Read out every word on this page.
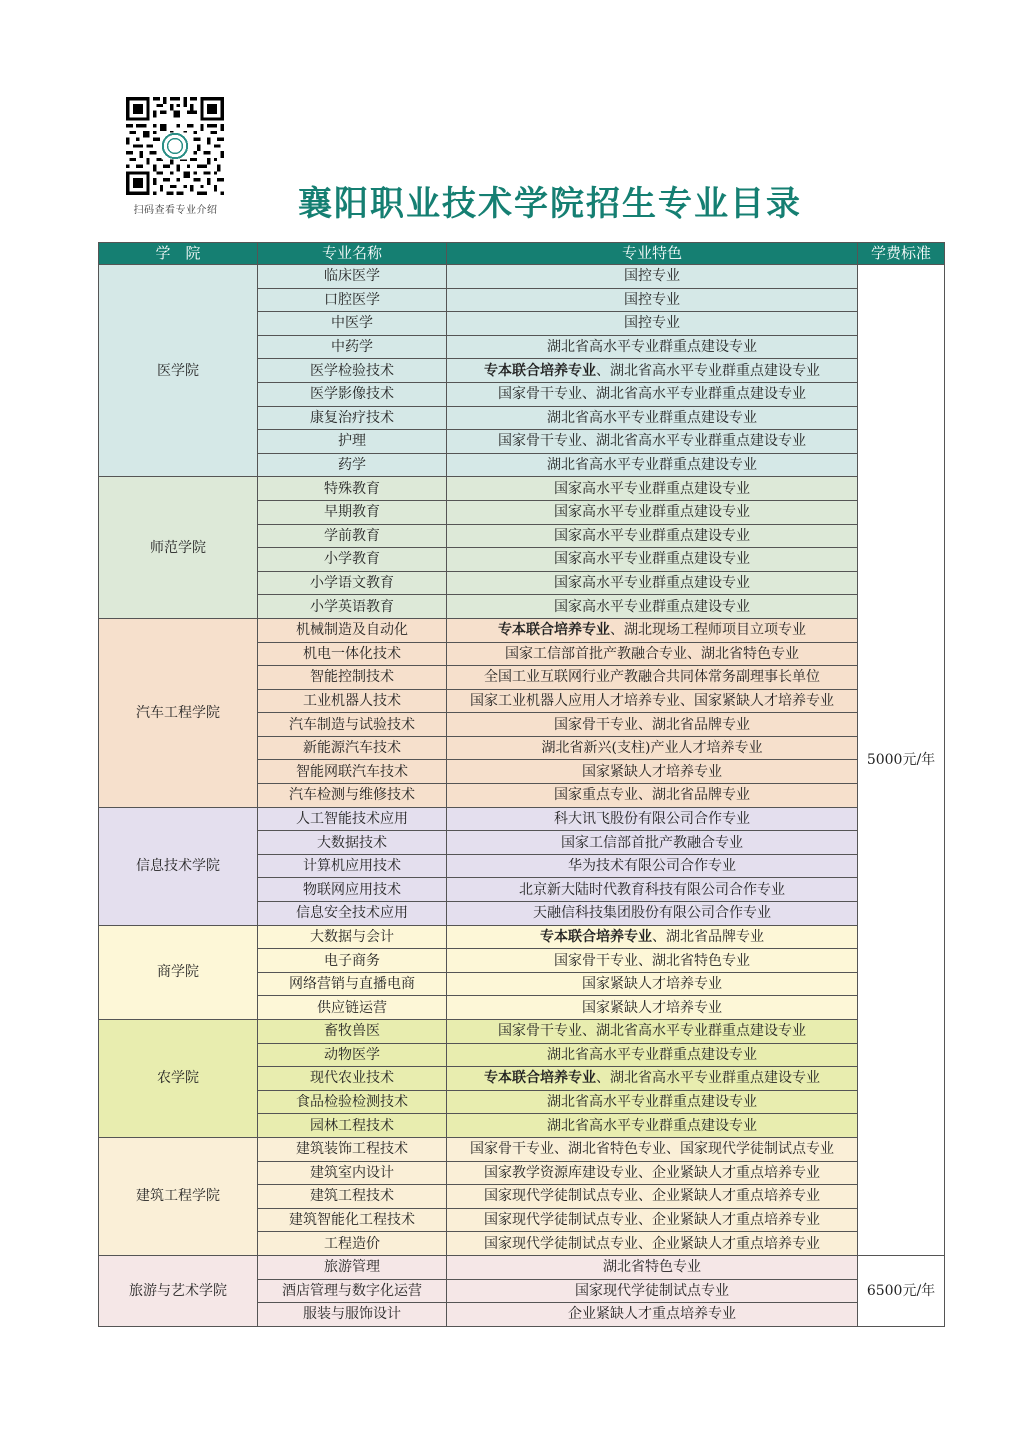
扫码查看专业介绍	襄阳职业技术学院招生专业目录
学　院	专业名称	专业特色	学费标准
医学院	临床医学	国控专业	5000元/年
	口腔医学	国控专业	
	中医学	国控专业	
	中药学	湖北省高水平专业群重点建设专业	
	医学检验技术	专本联合培养专业、湖北省高水平专业群重点建设专业	
	医学影像技术	国家骨干专业、湖北省高水平专业群重点建设专业	
	康复治疗技术	湖北省高水平专业群重点建设专业	
	护理	国家骨干专业、湖北省高水平专业群重点建设专业	
	药学	湖北省高水平专业群重点建设专业	
师范学院	特殊教育	国家高水平专业群重点建设专业	
	早期教育	国家高水平专业群重点建设专业	
	学前教育	国家高水平专业群重点建设专业	
	小学教育	国家高水平专业群重点建设专业	
	小学语文教育	国家高水平专业群重点建设专业	
	小学英语教育	国家高水平专业群重点建设专业	
汽车工程学院	机械制造及自动化	专本联合培养专业、湖北现场工程师项目立项专业	
	机电一体化技术	国家工信部首批产教融合专业、湖北省特色专业	
	智能控制技术	全国工业互联网行业产教融合共同体常务副理事长单位	
	工业机器人技术	国家工业机器人应用人才培养专业、国家紧缺人才培养专业	
	汽车制造与试验技术	国家骨干专业、湖北省品牌专业	
	新能源汽车技术	湖北省新兴(支柱)产业人才培养专业	
	智能网联汽车技术	国家紧缺人才培养专业	
	汽车检测与维修技术	国家重点专业、湖北省品牌专业	
信息技术学院	人工智能技术应用	科大讯飞股份有限公司合作专业	
	大数据技术	国家工信部首批产教融合专业	
	计算机应用技术	华为技术有限公司合作专业	
	物联网应用技术	北京新大陆时代教育科技有限公司合作专业	
	信息安全技术应用	天融信科技集团股份有限公司合作专业	
商学院	大数据与会计	专本联合培养专业、湖北省品牌专业	
	电子商务	国家骨干专业、湖北省特色专业	
	网络营销与直播电商	国家紧缺人才培养专业	
	供应链运营	国家紧缺人才培养专业	
农学院	畜牧兽医	国家骨干专业、湖北省高水平专业群重点建设专业	
	动物医学	湖北省高水平专业群重点建设专业	
	现代农业技术	专本联合培养专业、湖北省高水平专业群重点建设专业	
	食品检验检测技术	湖北省高水平专业群重点建设专业	
	园林工程技术	湖北省高水平专业群重点建设专业	
建筑工程学院	建筑装饰工程技术	国家骨干专业、湖北省特色专业、国家现代学徒制试点专业	
	建筑室内设计	国家教学资源库建设专业、企业紧缺人才重点培养专业	
	建筑工程技术	国家现代学徒制试点专业、企业紧缺人才重点培养专业	
	建筑智能化工程技术	国家现代学徒制试点专业、企业紧缺人才重点培养专业	
	工程造价	国家现代学徒制试点专业、企业紧缺人才重点培养专业	
旅游与艺术学院	旅游管理	湖北省特色专业	6500元/年
	酒店管理与数字化运营	国家现代学徒制试点专业	
	服装与服饰设计	企业紧缺人才重点培养专业	
